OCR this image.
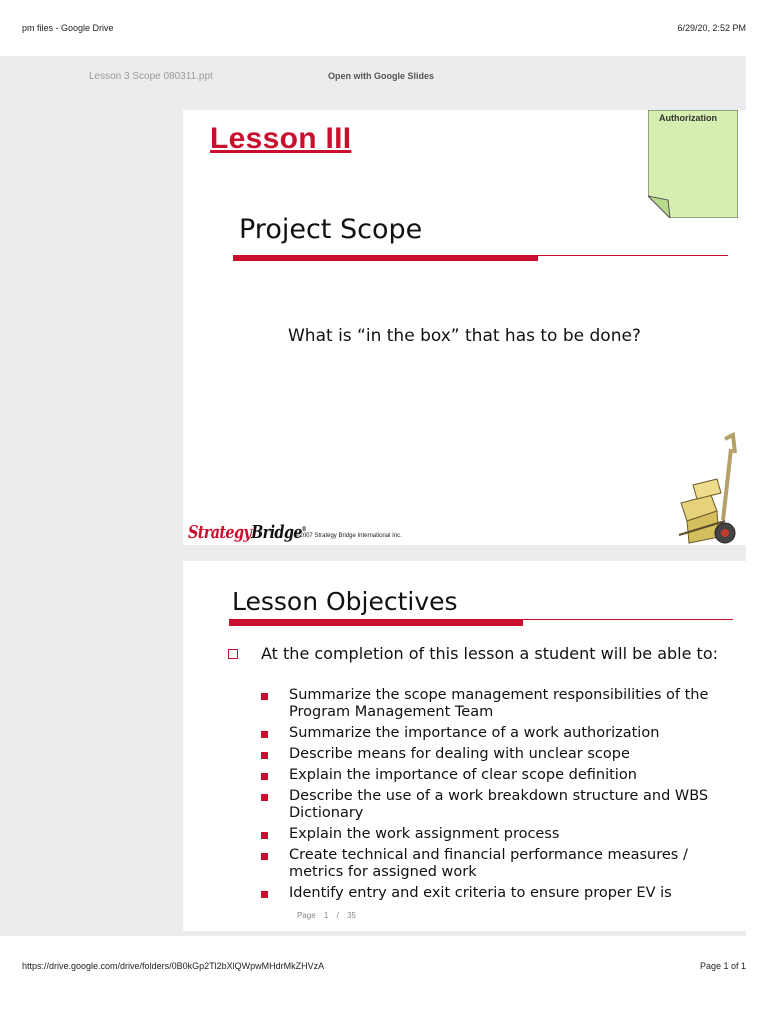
pm files - Google Drive	6/29/20, 2:52 PM
Lesson 3 Scope 080311.ppt	Open with Google Slides
Lesson III
Authorization
Project Scope
What is “in the box” that has to be done?
StrategyBridge®
©2007 Strategy Bridge International Inc.
Lesson Objectives
At the completion of this lesson a student will be able to:
Summarize the scope management responsibilities of the Program Management Team
Summarize the importance of a work authorization
Describe means for dealing with unclear scope
Explain the importance of clear scope definition
Describe the use of a work breakdown structure and WBS Dictionary
Explain the work assignment process
Create technical and financial performance measures / metrics for assigned work
Identify entry and exit criteria to ensure proper EV is
Page 1 / 35
https://drive.google.com/drive/folders/0B0kGp2Tl2bXlQWpwMHdrMkZHVzA	Page 1 of 1
